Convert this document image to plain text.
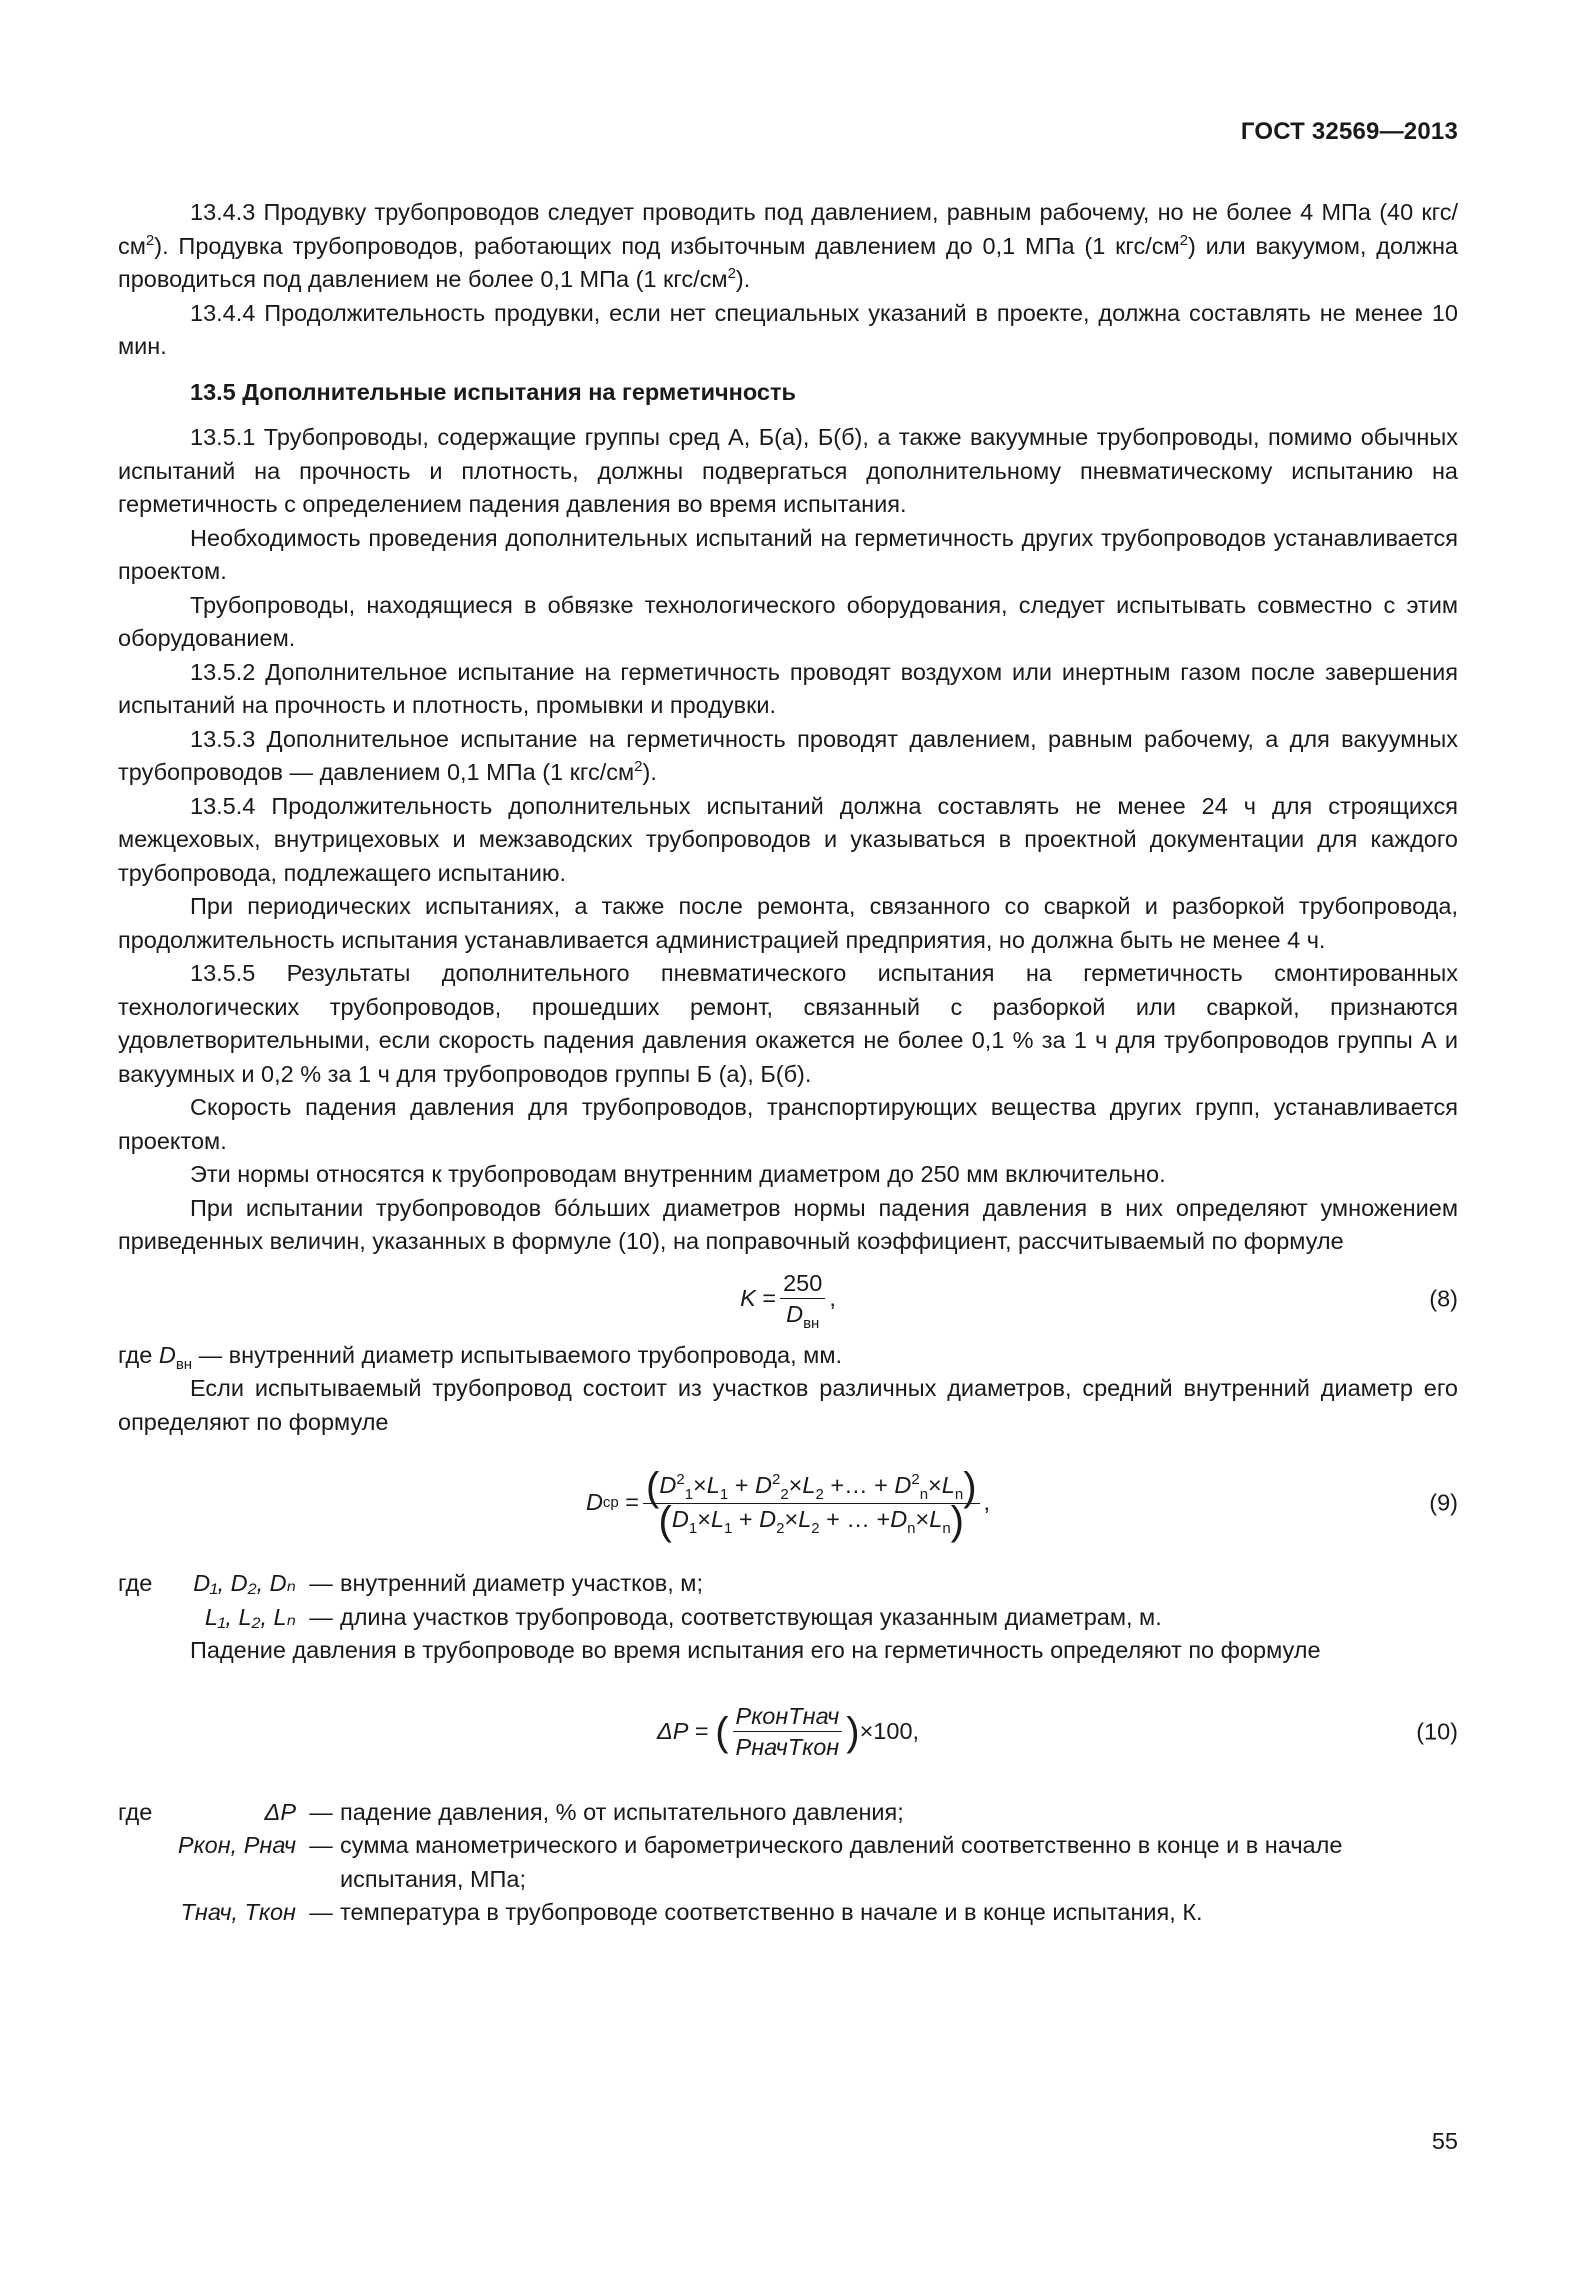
ГОСТ 32569—2013

13.4.3 Продувку трубопроводов следует проводить под давлением, равным рабочему, но не более 4 МПа (40 кгс/$см^2$). Продувка трубопроводов, работающих под избыточным давлением до 0,1 МПа (1 кгс/$см^2$) или вакуумом, должна проводиться под давлением не более 0,1 МПа (1 кгс/$см^2$).

13.4.4 Продолжительность продувки, если нет специальных указаний в проекте, должна составлять не менее 10 мин.

13.5 Дополнительные испытания на герметичность

13.5.1 Трубопроводы, содержащие группы сред А, Б(а), Б(б), а также вакуумные трубопроводы, помимо обычных испытаний на прочность и плотность, должны подвергаться дополнительному пневматическому испытанию на герметичность с определением падения давления во время испытания.

Необходимость проведения дополнительных испытаний на герметичность других трубопроводов устанавливается проектом.

Трубопроводы, находящиеся в обвязке технологического оборудования, следует испытывать совместно с этим оборудованием.

13.5.2 Дополнительное испытание на герметичность проводят воздухом или инертным газом после завершения испытаний на прочность и плотность, промывки и продувки.

13.5.3 Дополнительное испытание на герметичность проводят давлением, равным рабочему, а для вакуумных трубопроводов — давлением 0,1 МПа (1 кгс/$см^2$).

13.5.4 Продолжительность дополнительных испытаний должна составлять не менее 24 ч для строящихся межцеховых, внутрицеховых и межзаводских трубопроводов и указываться в проектной документации для каждого трубопровода, подлежащего испытанию.

При периодических испытаниях, а также после ремонта, связанного со сваркой и разборкой трубопровода, продолжительность испытания устанавливается администрацией предприятия, но должна быть не менее 4 ч.

13.5.5 Результаты дополнительного пневматического испытания на герметичность смонтированных технологических трубопроводов, прошедших ремонт, связанный с разборкой или сваркой, признаются удовлетворительными, если скорость падения давления окажется не более 0,1 % за 1 ч для трубопроводов группы А и вакуумных и 0,2 % за 1 ч для трубопроводов группы Б (а), Б(б).

Скорость падения давления для трубопроводов, транспортирующих вещества других групп, устанавливается проектом.

Эти нормы относятся к трубопроводам внутренним диаметром до 250 мм включительно.

При испытании трубопроводов бóльших диаметров нормы падения давления в них определяют умножением приведенных величин, указанных в формуле (10), на поправочный коэффициент, рассчитываемый по формуле

K
= $\frac{250}{D_{вн}}$ ,	(8)

где $D_{вн}$ — внутренний диаметр испытываемого трубопровода, мм.

Если испытываемый трубопровод состоит из участков различных диаметров, средний внутренний диаметр его определяют по формуле

D ср
= $\frac{(D^2_1\times L_1 + D^2_2\times L_2 +\dots + D^2_n\times L_n)}{(D_1\times L_1 + D_2\times L_2 + \dots +D_n\times L_n)}$ ,	(9)
где	D₁, D₂, Dₙ — внутренний диаметр участков, м;
L₁, L₂, Lₙ — длина участков трубопровода, соответствующая указанным диаметрам, м.

Падение давления в трубопроводе во время испытания его на герметичность определяют по формуле

ΔP
=
( $\frac{\text{PконTнач}}{\text{PначTкон}}$ ) ×100,	(10)
где	ΔP — падение давления, % от испытательного давления;
Pкон, Pнач — сумма манометрического и барометрического давлений соответственно в конце и в начале испытания, МПа;
Tнач, Tкон — температура в трубопроводе соответственно в начале и в конце испытания, К.
55
